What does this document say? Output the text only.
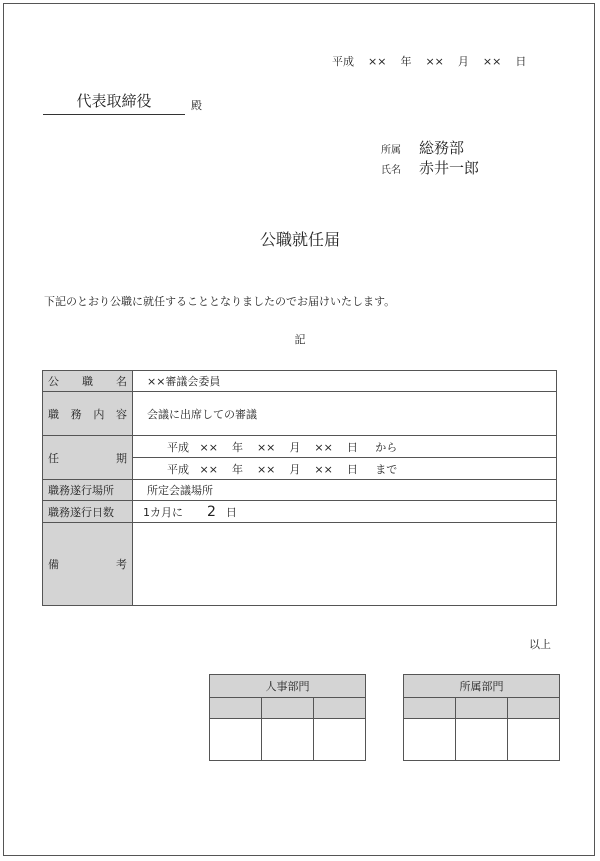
平成 ×× 年 ×× 月 ×× 日
代表取締役	殿
所属 総務部
氏名 赤井一郎
公職就任届
下記のとおり公職に就任することとなりましたのでお届けいたします。
記
公 職 名	××審議会委員

職 務 内 容	会議に出席しての審議

任 期	平成 ×× 年 ×× 月 ×× 日 から
	平成 ×× 年 ×× 月 ×× 日 まで

職務遂行場所	所定会議場所

職務遂行日数	1カ月に 2 日

備 考	

以上
人事部門		

			所属部門		
